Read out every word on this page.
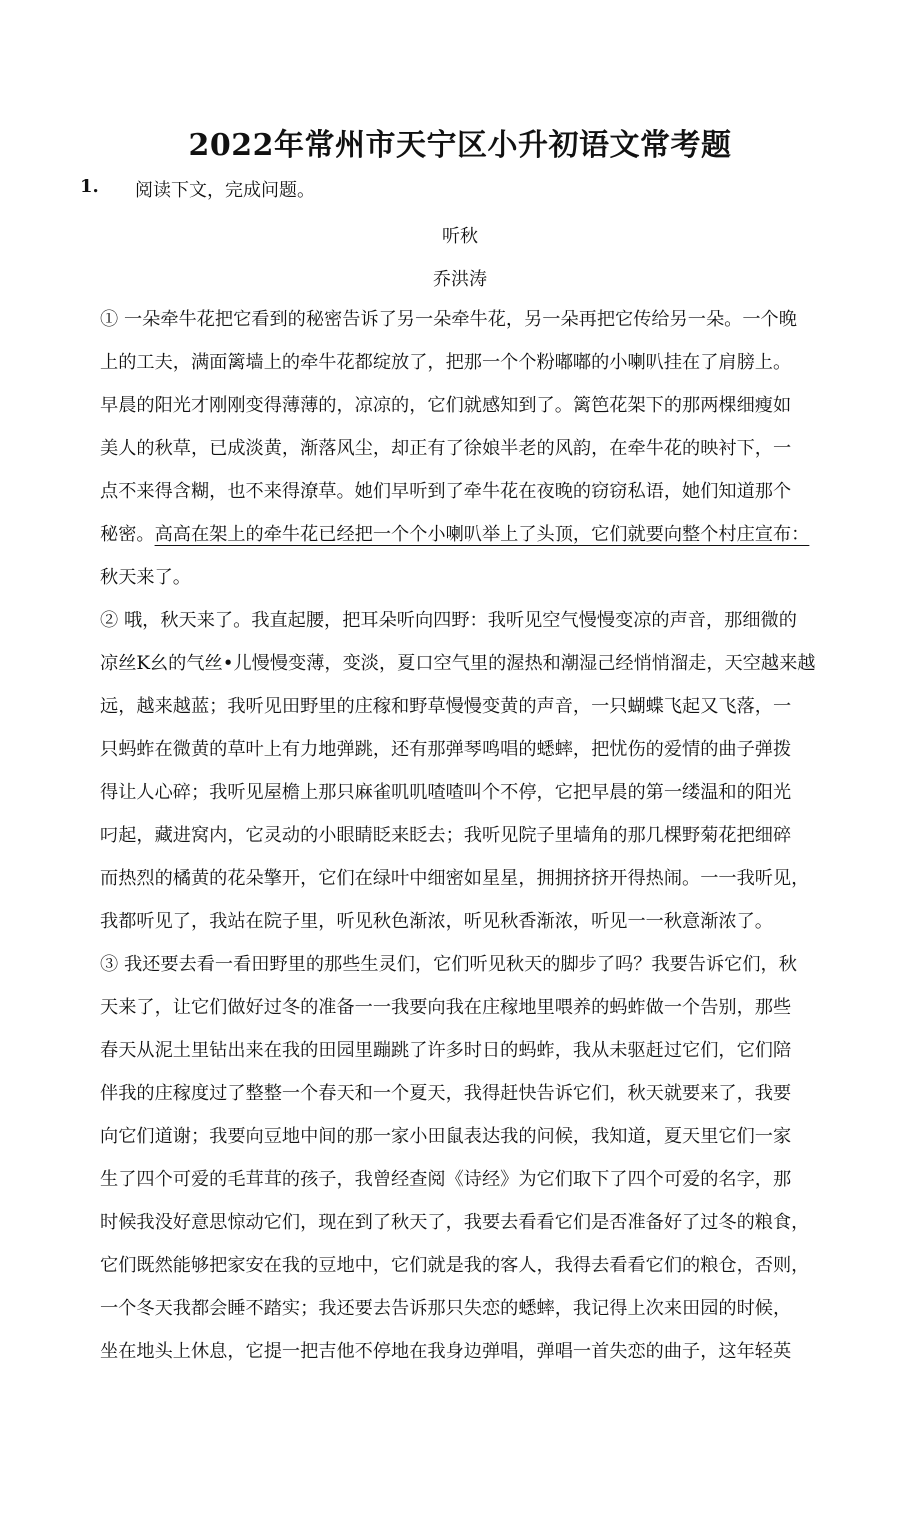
2022年常州市天宁区小升初语文常考题
1. 阅读下文，完成问题。
听秋
乔洪涛
① 一朵牵牛花把它看到的秘密告诉了另一朵牵牛花，另一朵再把它传给另一朵。一个晚
上的工夫，满面篱墙上的牵牛花都绽放了，把那一个个粉嘟嘟的小喇叭挂在了肩膀上。
早晨的阳光才刚刚变得薄薄的，凉凉的，它们就感知到了。篱笆花架下的那两棵细瘦如
美人的秋草，已成淡黄，渐落风尘，却正有了徐娘半老的风韵，在牵牛花的映衬下，一
点不来得含糊，也不来得潦草。她们早听到了牵牛花在夜晚的窃窃私语，她们知道那个
秘密。高高在架上的牵牛花已经把一个个小喇叭举上了头顶，它们就要向整个村庄宣布：
秋天来了。
② 哦，秋天来了。我直起腰，把耳朵听向四野：我听见空气慢慢变凉的声音，那细微的
凉丝K幺的气丝•儿慢慢变薄，变淡，夏口空气里的渥热和潮湿己经悄悄溜走，天空越来越
远，越来越蓝；我听见田野里的庄稼和野草慢慢变黄的声音，一只蝴蝶飞起又飞落，一
只蚂蚱在微黄的草叶上有力地弹跳，还有那弹琴鸣唱的蟋蟀，把忧伤的爱情的曲子弹拨
得让人心碎；我听见屋檐上那只麻雀叽叽喳喳叫个不停，它把早晨的第一缕温和的阳光
叼起，藏进窝内，它灵动的小眼睛眨来眨去；我听见院子里墙角的那几棵野菊花把细碎
而热烈的橘黄的花朵擎开，它们在绿叶中细密如星星，拥拥挤挤开得热闹。一一我听见，
我都听见了，我站在院子里，听见秋色渐浓，听见秋香渐浓，听见一一秋意渐浓了。
③ 我还要去看一看田野里的那些生灵们，它们听见秋天的脚步了吗？我要告诉它们，秋
天来了，让它们做好过冬的准备一一我要向我在庄稼地里喂养的蚂蚱做一个告别，那些
春天从泥土里钻出来在我的田园里蹦跳了许多时日的蚂蚱，我从未驱赶过它们，它们陪
伴我的庄稼度过了整整一个春天和一个夏天，我得赶快告诉它们，秋天就要来了，我要
向它们道谢；我要向豆地中间的那一家小田鼠表达我的问候，我知道，夏天里它们一家
生了四个可爱的毛茸茸的孩子，我曾经查阅《诗经》为它们取下了四个可爱的名字，那
时候我没好意思惊动它们，现在到了秋天了，我要去看看它们是否准备好了过冬的粮食，
它们既然能够把家安在我的豆地中，它们就是我的客人，我得去看看它们的粮仓，否则，
一个冬天我都会睡不踏实；我还要去告诉那只失恋的蟋蟀，我记得上次来田园的时候，
坐在地头上休息，它提一把吉他不停地在我身边弹唱，弹唱一首失恋的曲子，这年轻英
